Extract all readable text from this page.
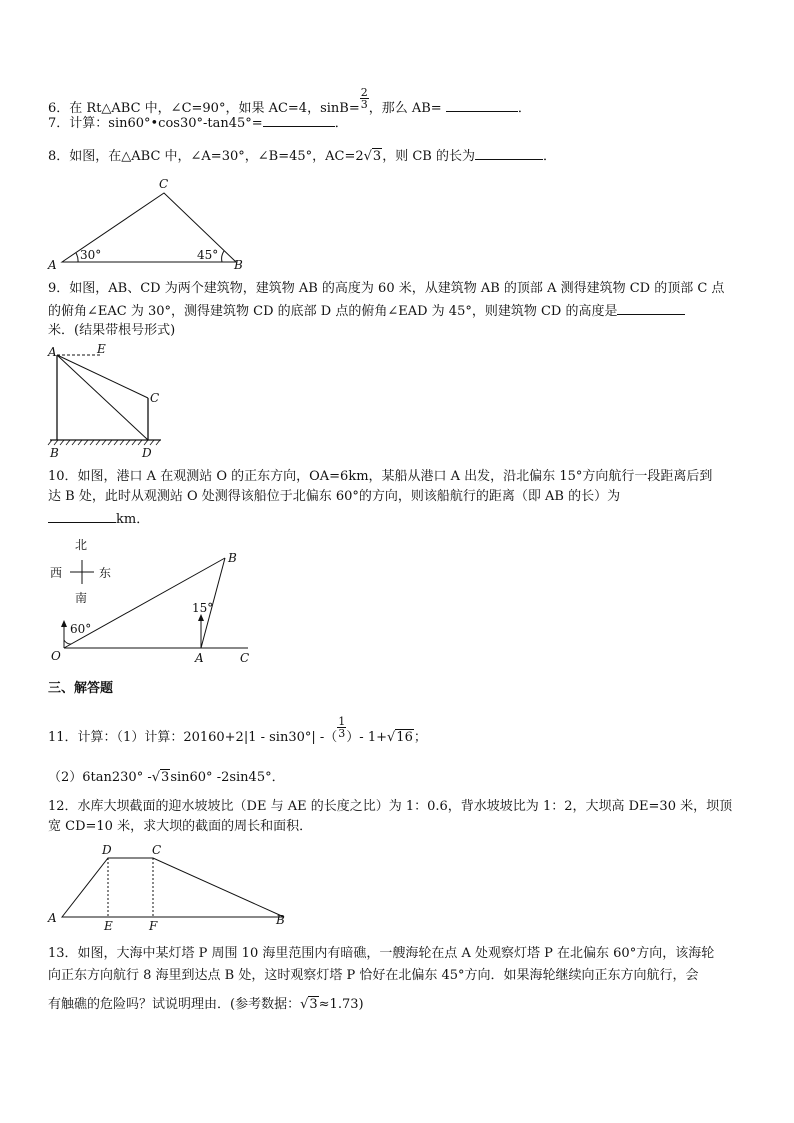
6．在 Rt△ABC 中，∠C=90°，如果 AC=4，$\sin B= \frac{2}{3}$ ，那么 AB=	．
7．计算：sin60°•cos30°-tan45°=	．
8．如图，在△ABC 中，∠A=30°，∠B=45°，AC=2√3，则 CB 的长为	．
A	B
C
30°	45°
9．如图，AB、CD 为两个建筑物，建筑物 AB 的高度为 60 米，从建筑物 AB 的顶部 A 测得建筑物 CD 的顶部 C 点
的俯角∠EAC 为 30°，测得建筑物 CD 的底部 D 点的俯角∠EAD 为 45°，则建筑物 CD 的高度是
米．(结果带根号形式)
A	E
C
B	D
10．如图，港口 A 在观测站 O 的正东方向，OA=6km，某船从港口 A 出发，沿北偏东 15°方向航行一段距离后到
达 B 处，此时从观测站 O 处测得该船位于北偏东 60°的方向，则该船航行的距离（即 AB 的长）为
km．
北
南
西	东
60°
15°
O	A	C
B
三、解答题
11．计算：（1）计算：20160+2|1 - sin30°| -（ $\frac{1}{3}$ ）- 1+√16；
（2）6tan230° -√3sin60° -2sin45°．
12．水库大坝截面的迎水坡坡比（DE 与 AE 的长度之比）为 1：0.6，背水坡坡比为 1：2，大坝高 DE=30 米，坝顶
宽 CD=10 米，求大坝的截面的周长和面积．
A	B
C
D
E	F
13．如图，大海中某灯塔 P 周围 10 海里范围内有暗礁，一艘海轮在点 A 处观察灯塔 P 在北偏东 60°方向，该海轮
向正东方向航行 8 海里到达点 B 处，这时观察灯塔 P 恰好在北偏东 45°方向．如果海轮继续向正东方向航行，会
有触礁的危险吗？试说明理由．(参考数据：√3≈1.73)
